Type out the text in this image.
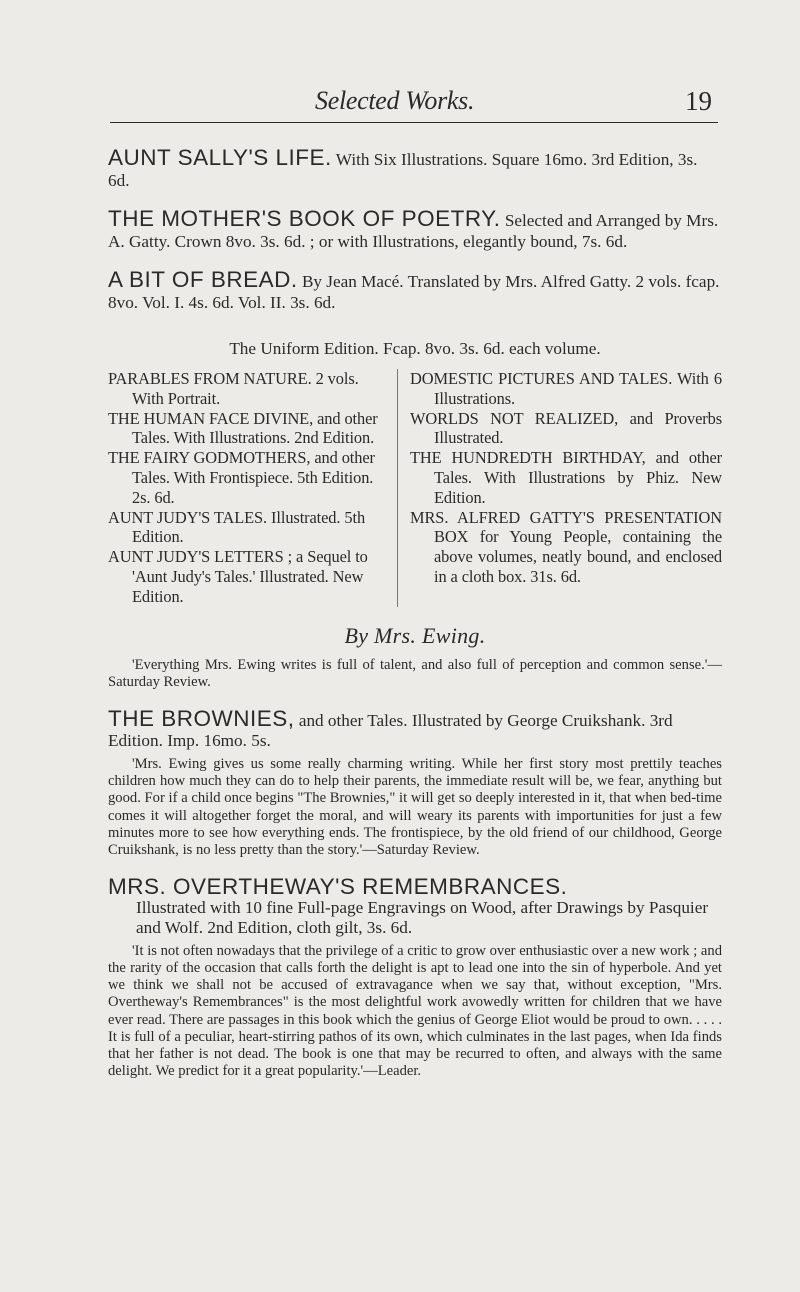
Selected Works.	19
AUNT SALLY'S LIFE. With Six Illustrations. Square 16mo. 3rd Edition, 3s. 6d.
THE MOTHER'S BOOK OF POETRY. Selected and Arranged by Mrs. A. Gatty. Crown 8vo. 3s. 6d. ; or with Illustrations, elegantly bound, 7s. 6d.
A BIT OF BREAD. By Jean Macé. Translated by Mrs. Alfred Gatty. 2 vols. fcap. 8vo. Vol. I. 4s. 6d. Vol. II. 3s. 6d.
The Uniform Edition. Fcap. 8vo. 3s. 6d. each volume.

PARABLES FROM NATURE. 2 vols. With Portrait.

THE HUMAN FACE DIVINE, and other Tales. With Illustrations. 2nd Edition.

THE FAIRY GODMOTHERS, and other Tales. With Frontispiece. 5th Edition. 2s. 6d.

AUNT JUDY'S TALES. Illustrated. 5th Edition.

AUNT JUDY'S LETTERS ; a Sequel to 'Aunt Judy's Tales.' Illustrated. New Edition.

DOMESTIC PICTURES AND TALES. With 6 Illustrations.

WORLDS NOT REALIZED, and Proverbs Illustrated.

THE HUNDREDTH BIRTHDAY, and other Tales. With Illustrations by Phiz. New Edition.

MRS. ALFRED GATTY'S PRESENTATION BOX for Young People, containing the above volumes, neatly bound, and enclosed in a cloth box. 31s. 6d.

By Mrs. Ewing.
'Everything Mrs. Ewing writes is full of talent, and also full of perception and common sense.'—Saturday Review.
THE BROWNIES, and other Tales. Illustrated by George Cruikshank. 3rd Edition. Imp. 16mo. 5s.
'Mrs. Ewing gives us some really charming writing. While her first story most prettily teaches children how much they can do to help their parents, the immediate result will be, we fear, anything but good. For if a child once begins "The Brownies," it will get so deeply interested in it, that when bed-time comes it will altogether forget the moral, and will weary its parents with importunities for just a few minutes more to see how everything ends. The frontispiece, by the old friend of our childhood, George Cruikshank, is no less pretty than the story.'—Saturday Review.
MRS. OVERTHEWAY'S REMEMBRANCES.
Illustrated with 10 fine Full-page Engravings on Wood, after Drawings by Pasquier and Wolf. 2nd Edition, cloth gilt, 3s. 6d.
'It is not often nowadays that the privilege of a critic to grow over enthusiastic over a new work ; and the rarity of the occasion that calls forth the delight is apt to lead one into the sin of hyperbole. And yet we think we shall not be accused of extravagance when we say that, without exception, "Mrs. Overtheway's Remembrances" is the most delightful work avowedly written for children that we have ever read. There are passages in this book which the genius of George Eliot would be proud to own. . . . . It is full of a peculiar, heart-stirring pathos of its own, which culminates in the last pages, when Ida finds that her father is not dead. The book is one that may be recurred to often, and always with the same delight. We predict for it a great popularity.'—Leader.
